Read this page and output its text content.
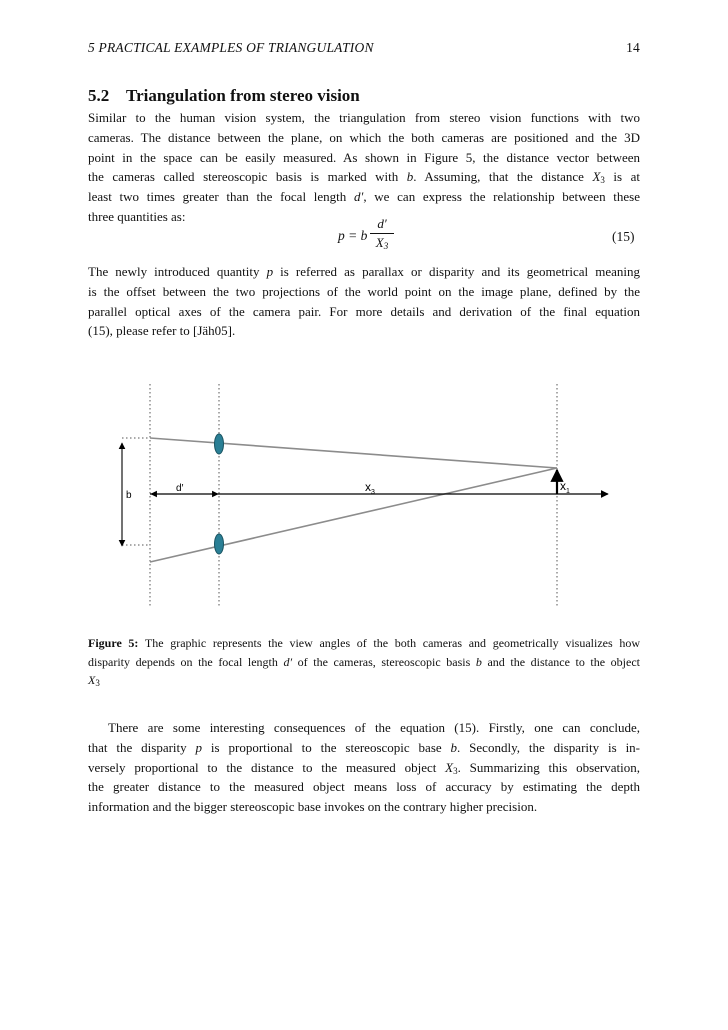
5 PRACTICAL EXAMPLES OF TRIANGULATION	14
5.2 Triangulation from stereo vision
Similar to the human vision system, the triangulation from stereo vision functions with two
cameras. The distance between the plane, on which the both cameras are positioned and the 3D
point in the space can be easily measured. As shown in Figure 5, the distance vector between
the cameras called stereoscopic basis is marked with b. Assuming, that the distance $X_3$ is at
least two times greater than the focal length d′, we can express the relationship between these
three quantities as:
p = b
d′
$X_3$
(15)
The newly introduced quantity p is referred as parallax or disparity and its geometrical meaning
is the offset between the two projections of the world point on the image plane, defined by the
parallel optical axes of the camera pair. For more details and derivation of the final equation
(15), please refer to [Jäh05].
b
d′	$x_3$	$x_1$
Figure 5: The graphic represents the view angles of the both cameras and geometrically visualizes how
disparity depends on the focal length d′ of the cameras, stereoscopic basis b and the distance to the object
$X_3$
There are some interesting consequences of the equation (15). Firstly, one can conclude,
that the disparity p is proportional to the stereoscopic base b. Secondly, the disparity is in-
versely proportional to the distance to the measured object $X_3$. Summarizing this observation,
the greater distance to the measured object means loss of accuracy by estimating the depth
information and the bigger stereoscopic base invokes on the contrary higher precision.
